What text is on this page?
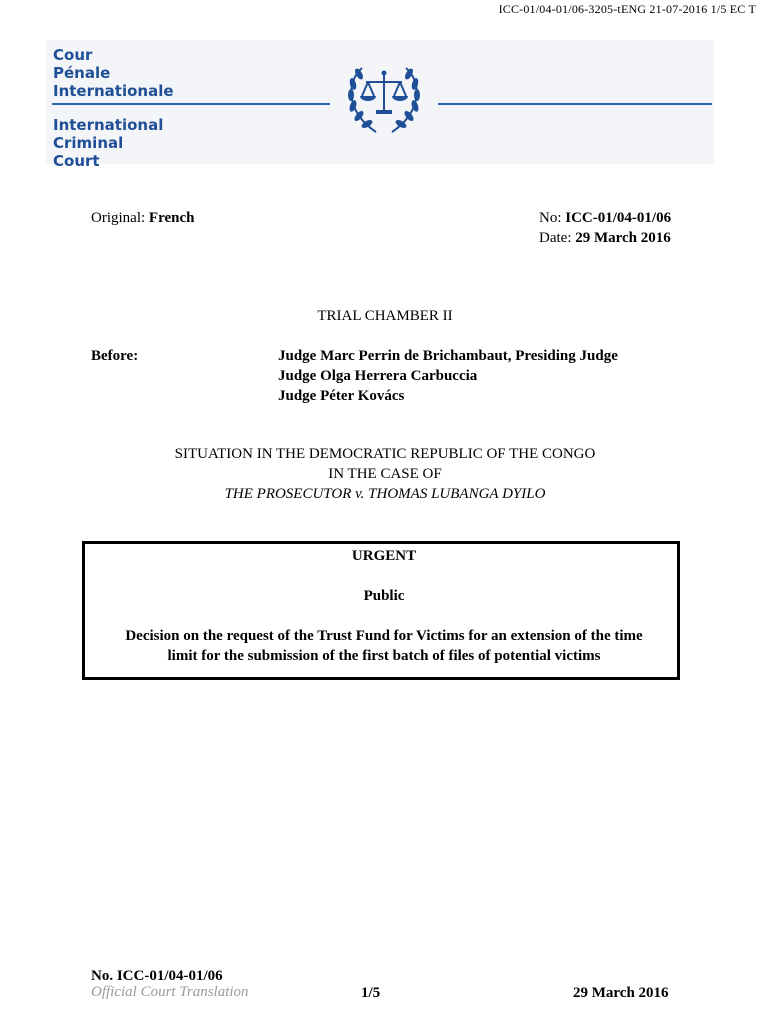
ICC-01/04-01/06-3205-tENG 21-07-2016 1/5 EC T
Cour
Pénale
Internationale
International
Criminal
Court
Original: French	No: ICC-01/04-01/06
Date: 29 March 2016
TRIAL CHAMBER II
Before:	Judge Marc Perrin de Brichambaut, Presiding Judge
Judge Olga Herrera Carbuccia
Judge Péter Kovács
SITUATION IN THE DEMOCRATIC REPUBLIC OF THE CONGO
IN THE CASE OF
THE PROSECUTOR v. THOMAS LUBANGA DYILO
URGENT
Public
Decision on the request of the Trust Fund for Victims for an extension of the time
limit for the submission of the first batch of files of potential victims
No. ICC-01/04-01/06
Official Court Translation	1/5	29 March 2016
